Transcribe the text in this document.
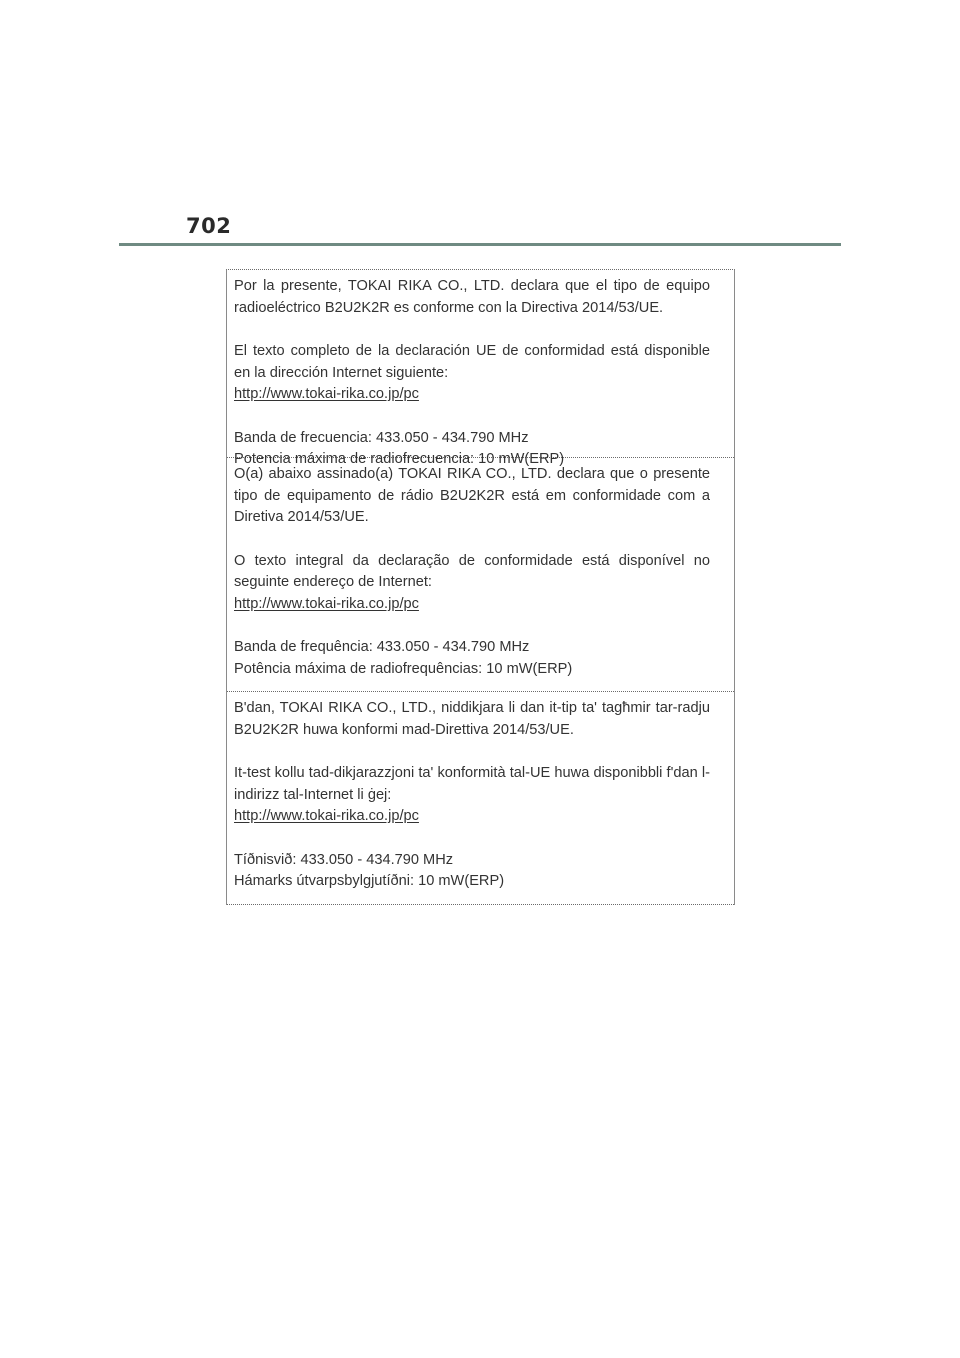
702

Por la presente, TOKAI RIKA CO., LTD. declara que el tipo de equipo radioeléctrico B2U2K2R es conforme con la Directiva 2014/53/UE.

El texto completo de la declaración UE de conformidad está disponible en la dirección Internet siguiente:

http://www.tokai-rika.co.jp/pc

Banda de frecuencia: 433.050 - 434.790 MHz

Potencia máxima de radiofrecuencia: 10 mW(ERP)

O(a) abaixo assinado(a) TOKAI RIKA CO., LTD. declara que o presente tipo de equipamento de rádio B2U2K2R está em conformidade com a Diretiva 2014/53/UE.

O texto integral da declaração de conformidade está disponível no seguinte endereço de Internet:

http://www.tokai-rika.co.jp/pc

Banda de frequência: 433.050 - 434.790 MHz

Potência máxima de radiofrequências: 10 mW(ERP)

B'dan, TOKAI RIKA CO., LTD., niddikjara li dan it-tip ta' tagħmir tar-radju B2U2K2R huwa konformi mad-Direttiva 2014/53/UE.

It-test kollu tad-dikjarazzjoni ta' konformità tal-UE huwa disponibbli f'dan l-indirizz tal-Internet li ġej:

http://www.tokai-rika.co.jp/pc

Tíðnisvið: 433.050 - 434.790 MHz

Hámarks útvarpsbylgjutíðni: 10 mW(ERP)
